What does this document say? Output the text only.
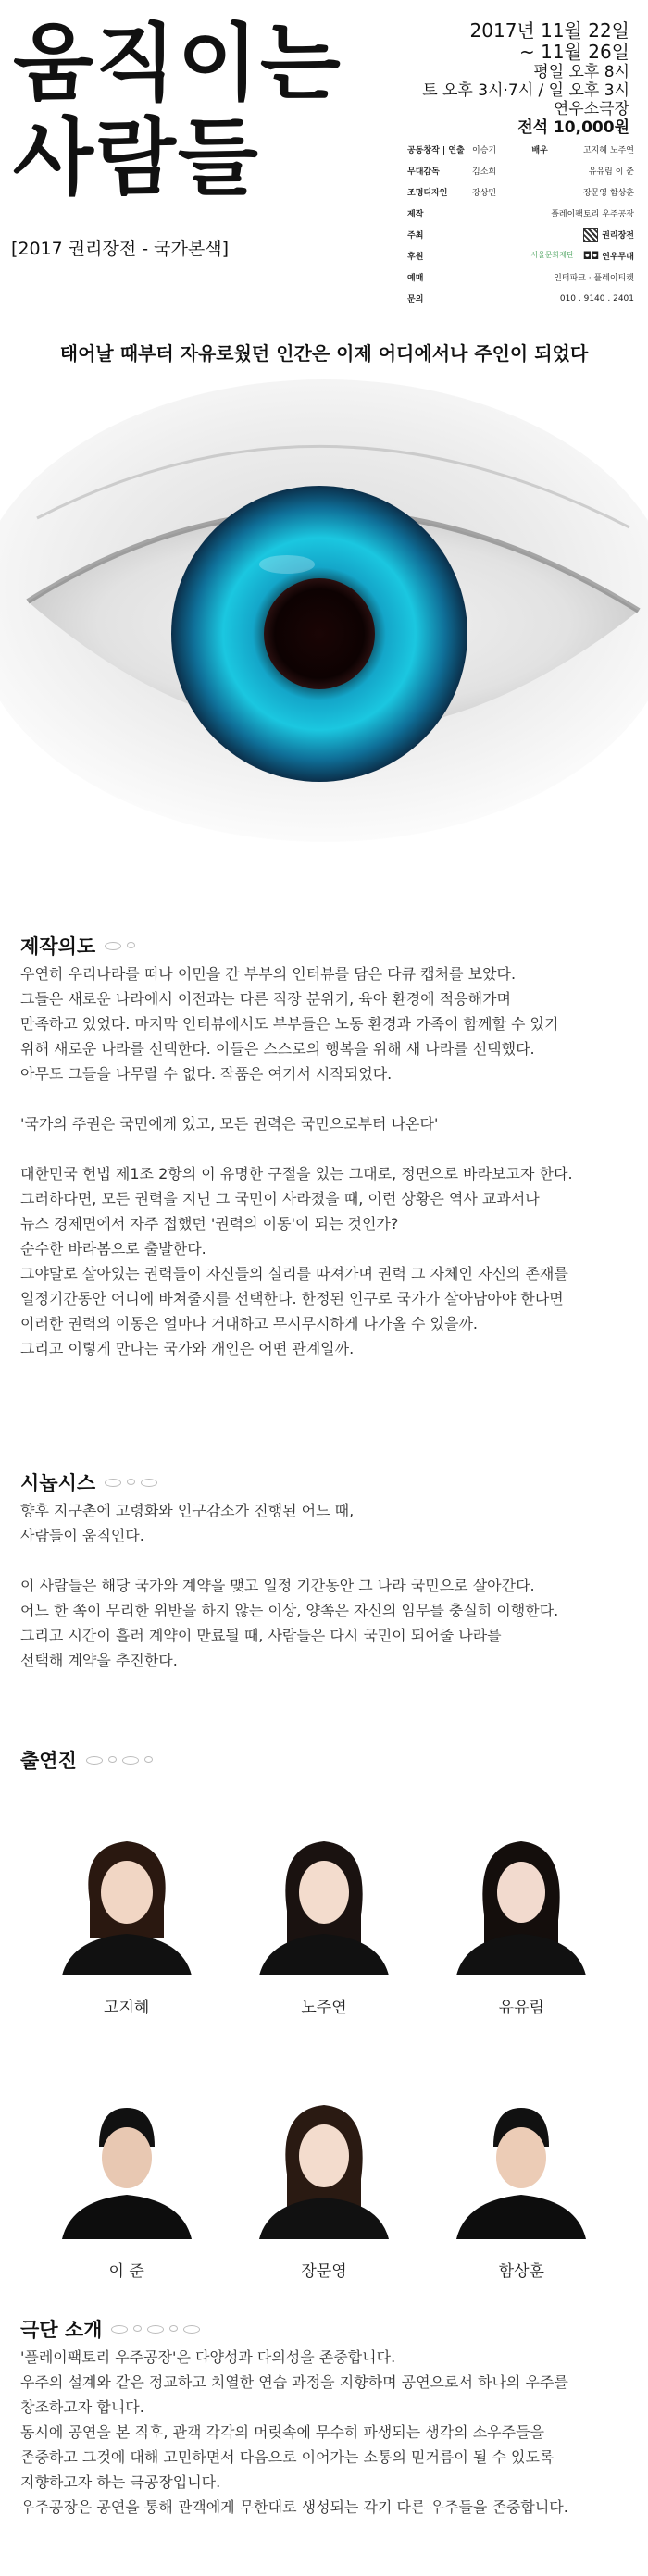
움직이는
사람들
[2017 권리장전 - 국가본색]
2017년 11월 22일
~ 11월 26일
평일 오후 8시
토 오후 3시·7시 / 일 오후 3시
연우소극장
전석 10,000원
공동창작 | 연출 이승기	배우	고지혜 노주연
무대감독	김소희	유유림 이 준
조명디자인	강상민	장문영 함상훈
제작	플레이팩토리 우주공장
주최	권리장전
후원	서울문화재단 ◘◘ 연우무대
예매	인터파크 · 플레이티켓
문의	010 . 9140 . 2401
태어날 때부터 자유로웠던 인간은 이제 어디에서나 주인이 되었다
제작의도

우연히 우리나라를 떠나 이민을 간 부부의 인터뷰를 담은 다큐 캡처를 보았다.

그들은 새로운 나라에서 이전과는 다른 직장 분위기, 육아 환경에 적응해가며

만족하고 있었다. 마지막 인터뷰에서도 부부들은 노동 환경과 가족이 함께할 수 있기

위해 새로운 나라를 선택한다. 이들은 스스로의 행복을 위해 새 나라를 선택했다.

아무도 그들을 나무랄 수 없다. 작품은 여기서 시작되었다.

'국가의 주권은 국민에게 있고, 모든 권력은 국민으로부터 나온다'

대한민국 헌법 제1조 2항의 이 유명한 구절을 있는 그대로, 정면으로 바라보고자 한다.

그러하다면, 모든 권력을 지닌 그 국민이 사라졌을 때, 이런 상황은 역사 교과서나

뉴스 경제면에서 자주 접했던 '권력의 이동'이 되는 것인가?

순수한 바라봄으로 출발한다.

그야말로 살아있는 권력들이 자신들의 실리를 따져가며 권력 그 자체인 자신의 존재를

일정기간동안 어디에 바쳐줄지를 선택한다. 한정된 인구로 국가가 살아남아야 한다면

이러한 권력의 이동은 얼마나 거대하고 무시무시하게 다가올 수 있을까.

그리고 이렇게 만나는 국가와 개인은 어떤 관계일까.

시놉시스

향후 지구촌에 고령화와 인구감소가 진행된 어느 때,

사람들이 움직인다.

이 사람들은 해당 국가와 계약을 맺고 일정 기간동안 그 나라 국민으로 살아간다.

어느 한 쪽이 무리한 위반을 하지 않는 이상, 양쪽은 자신의 임무를 충실히 이행한다.

그리고 시간이 흘러 계약이 만료될 때, 사람들은 다시 국민이 되어줄 나라를

선택해 계약을 추진한다.

출연진
고지혜	노주연	유유림
이 준	장문영	함상훈
극단 소개

'플레이팩토리 우주공장'은 다양성과 다의성을 존중합니다.

우주의 설계와 같은 정교하고 치열한 연습 과정을 지향하며 공연으로서 하나의 우주를

창조하고자 합니다.

동시에 공연을 본 직후, 관객 각각의 머릿속에 무수히 파생되는 생각의 소우주들을

존중하고 그것에 대해 고민하면서 다음으로 이어가는 소통의 믿거름이 될 수 있도록

지향하고자 하는 극공장입니다.

우주공장은 공연을 통해 관객에게 무한대로 생성되는 각기 다른 우주들을 존중합니다.
